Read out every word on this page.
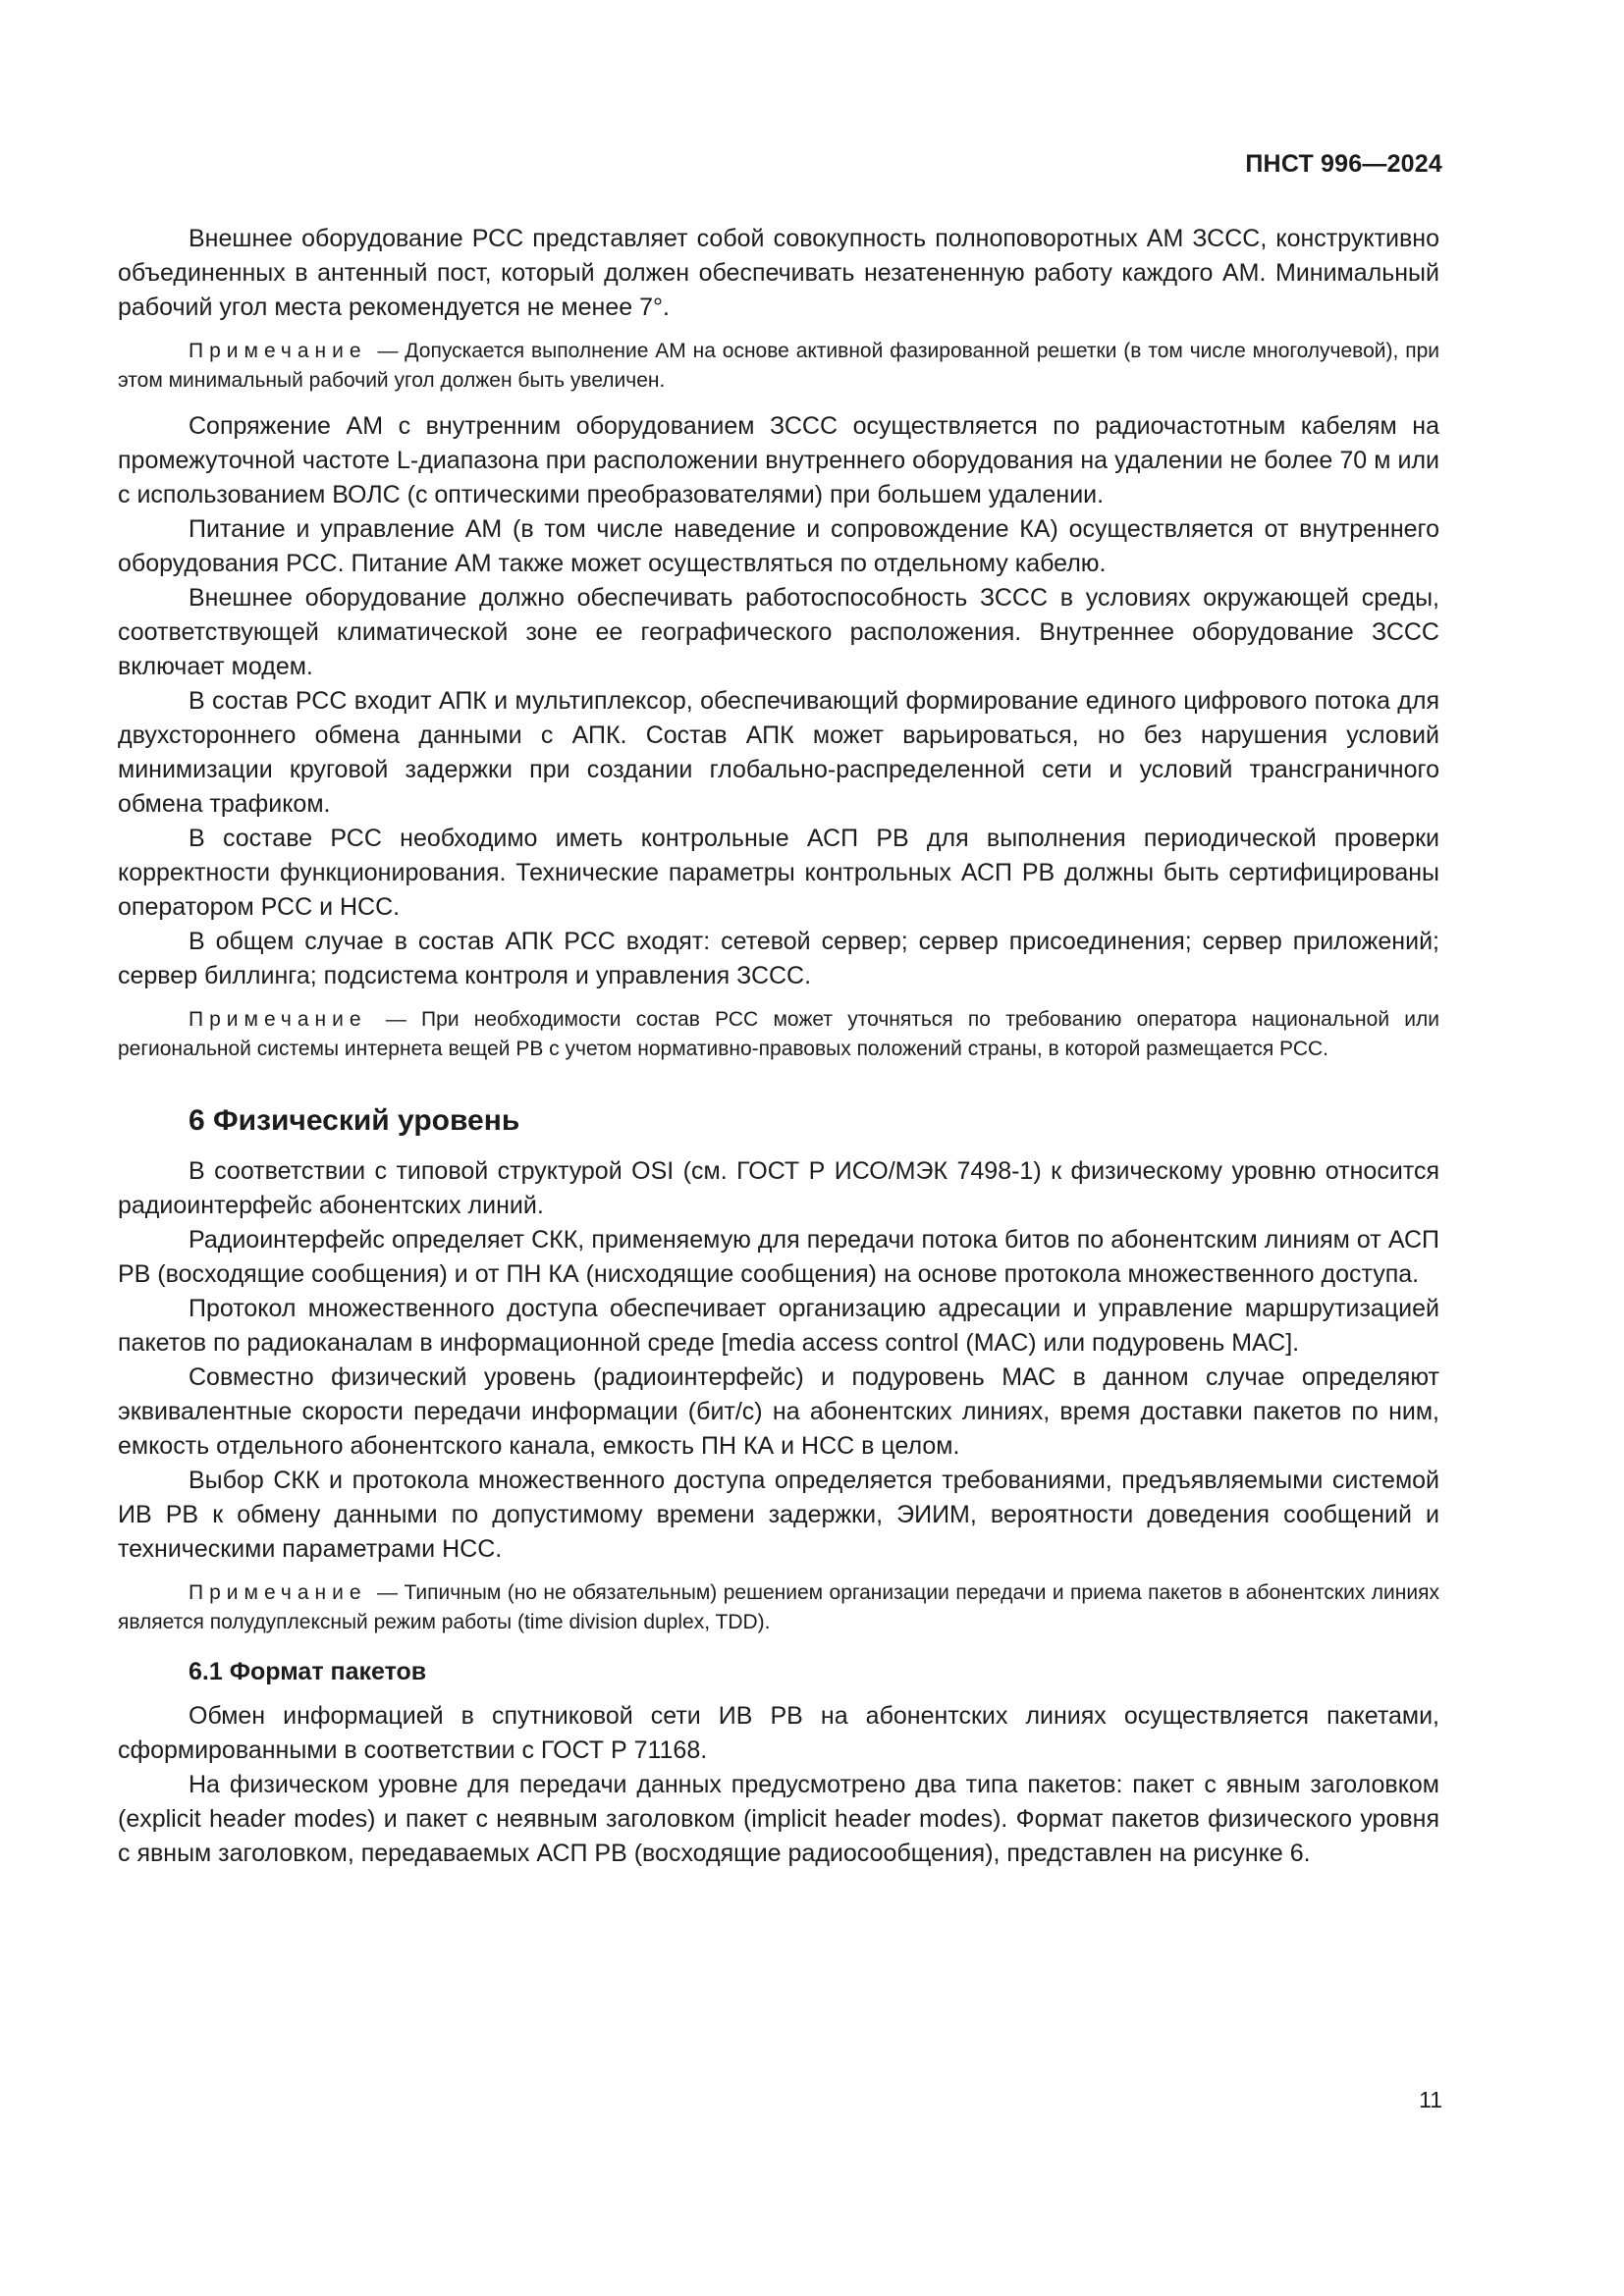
ПНСТ 996—2024

Внешнее оборудование РСС представляет собой совокупность полноповоротных АМ ЗССС, конструктивно объединенных в антенный пост, который должен обеспечивать незатененную работу каждого АМ. Минимальный рабочий угол места рекомендуется не менее 7°.

Примечание — Допускается выполнение АМ на основе активной фазированной решетки (в том числе многолучевой), при этом минимальный рабочий угол должен быть увеличен.

Сопряжение АМ с внутренним оборудованием ЗССС осуществляется по радиочастотным кабелям на промежуточной частоте L-диапазона при расположении внутреннего оборудования на удалении не более 70 м или с использованием ВОЛС (с оптическими преобразователями) при большем удалении.

Питание и управление АМ (в том числе наведение и сопровождение КА) осуществляется от внутреннего оборудования РСС. Питание АМ также может осуществляться по отдельному кабелю.

Внешнее оборудование должно обеспечивать работоспособность ЗССС в условиях окружающей среды, соответствующей климатической зоне ее географического расположения. Внутреннее оборудование ЗССС включает модем.

В состав РСС входит АПК и мультиплексор, обеспечивающий формирование единого цифрового потока для двухстороннего обмена данными с АПК. Состав АПК может варьироваться, но без нарушения условий минимизации круговой задержки при создании глобально-распределенной сети и условий трансграничного обмена трафиком.

В составе РСС необходимо иметь контрольные АСП РВ для выполнения периодической проверки корректности функционирования. Технические параметры контрольных АСП РВ должны быть сертифицированы оператором РСС и НСС.

В общем случае в состав АПК РСС входят: сетевой сервер; сервер присоединения; сервер приложений; сервер биллинга; подсистема контроля и управления ЗССС.

Примечание — При необходимости состав РСС может уточняться по требованию оператора национальной или региональной системы интернета вещей РВ с учетом нормативно-правовых положений страны, в которой размещается РСС.
6 Физический уровень

В соответствии с типовой структурой OSI (см. ГОСТ Р ИСО/МЭК 7498-1) к физическому уровню относится радиоинтерфейс абонентских линий.

Радиоинтерфейс определяет СКК, применяемую для передачи потока битов по абонентским линиям от АСП РВ (восходящие сообщения) и от ПН КА (нисходящие сообщения) на основе протокола множественного доступа.

Протокол множественного доступа обеспечивает организацию адресации и управление маршрутизацией пакетов по радиоканалам в информационной среде [media access control (MAC) или подуровень МАС].

Совместно физический уровень (радиоинтерфейс) и подуровень МАС в данном случае определяют эквивалентные скорости передачи информации (бит/с) на абонентских линиях, время доставки пакетов по ним, емкость отдельного абонентского канала, емкость ПН КА и НСС в целом.

Выбор СКК и протокола множественного доступа определяется требованиями, предъявляемыми системой ИВ РВ к обмену данными по допустимому времени задержки, ЭИИМ, вероятности доведения сообщений и техническими параметрами НСС.

Примечание — Типичным (но не обязательным) решением организации передачи и приема пакетов в абонентских линиях является полудуплексный режим работы (time division duplex, TDD).
6.1 Формат пакетов

Обмен информацией в спутниковой сети ИВ РВ на абонентских линиях осуществляется пакетами, сформированными в соответствии с ГОСТ Р 71168.

На физическом уровне для передачи данных предусмотрено два типа пакетов: пакет с явным заголовком (explicit header modes) и пакет с неявным заголовком (implicit header modes). Формат пакетов физического уровня с явным заголовком, передаваемых АСП РВ (восходящие радиосообщения), представлен на рисунке 6.

11
